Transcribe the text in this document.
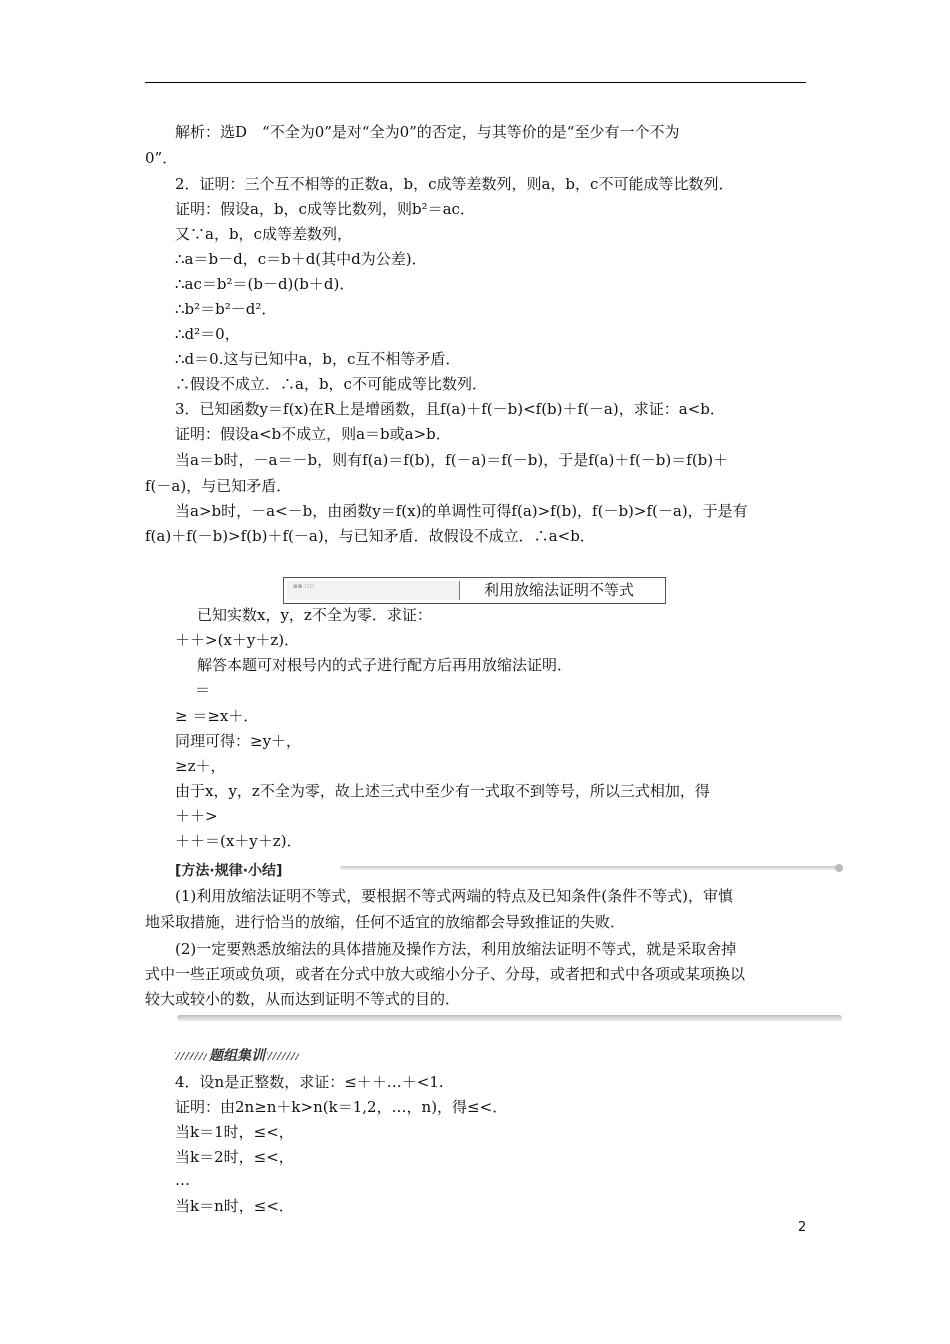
解析：选D　“不全为0”是对“全为0”的否定，与其等价的是“至少有一个不为
0”．
2．证明：三个互不相等的正数a，b，c成等差数列，则a，b，c不可能成等比数列．
证明：假设a，b，c成等比数列，则b²＝ac．
又∵a，b，c成等差数列，
∴a＝b－d，c＝b＋d(其中d为公差)．
∴ac＝b²＝(b－d)(b＋d)．
∴b²＝b²－d²．
∴d²＝0，
∴d＝0.这与已知中a，b，c互不相等矛盾．
∴假设不成立．∴a，b，c不可能成等比数列．
3．已知函数y＝f(x)在R上是增函数，且f(a)＋f(－b)<f(b)＋f(－a)，求证：a<b．
证明：假设a<b不成立，则a＝b或a>b．
当a＝b时，－a＝－b，则有f(a)＝f(b)，f(－a)＝f(－b)，于是f(a)＋f(－b)＝f(b)＋
f(－a)，与已知矛盾．
当a>b时，－a<－b，由函数y＝f(x)的单调性可得f(a)>f(b)，f(－b)>f(－a)，于是有
f(a)＋f(－b)>f(b)＋f(－a)，与已知矛盾．故假设不成立．∴a<b．
▪▪ ▫▫	利用放缩法证明不等式
已知实数x，y，z不全为零．求证：
＋＋>(x＋y＋z)．
解答本题可对根号内的式子进行配方后再用放缩法证明．
＝
≥ ＝≥x＋．
同理可得：≥y＋，
≥z＋，
由于x，y，z不全为零，故上述三式中至少有一式取不到等号，所以三式相加，得
＋＋>
＋＋＝(x＋y＋z)．
[方法·规律·小结]
(1)利用放缩法证明不等式，要根据不等式两端的特点及已知条件(条件不等式)，审慎
地采取措施，进行恰当的放缩，任何不适宜的放缩都会导致推证的失败．
(2)一定要熟悉放缩法的具体措施及操作方法，利用放缩法证明不等式，就是采取舍掉
式中一些正项或负项，或者在分式中放大或缩小分子、分母，或者把和式中各项或某项换以
较大或较小的数，从而达到证明不等式的目的．
题组集训
4．设n是正整数，求证：≤＋＋…＋<1.
证明：由2n≥n＋k>n(k＝1,2，…，n)，得≤<．
当k＝1时，≤<，
当k＝2时，≤<，
…
当k＝n时，≤<．
2
